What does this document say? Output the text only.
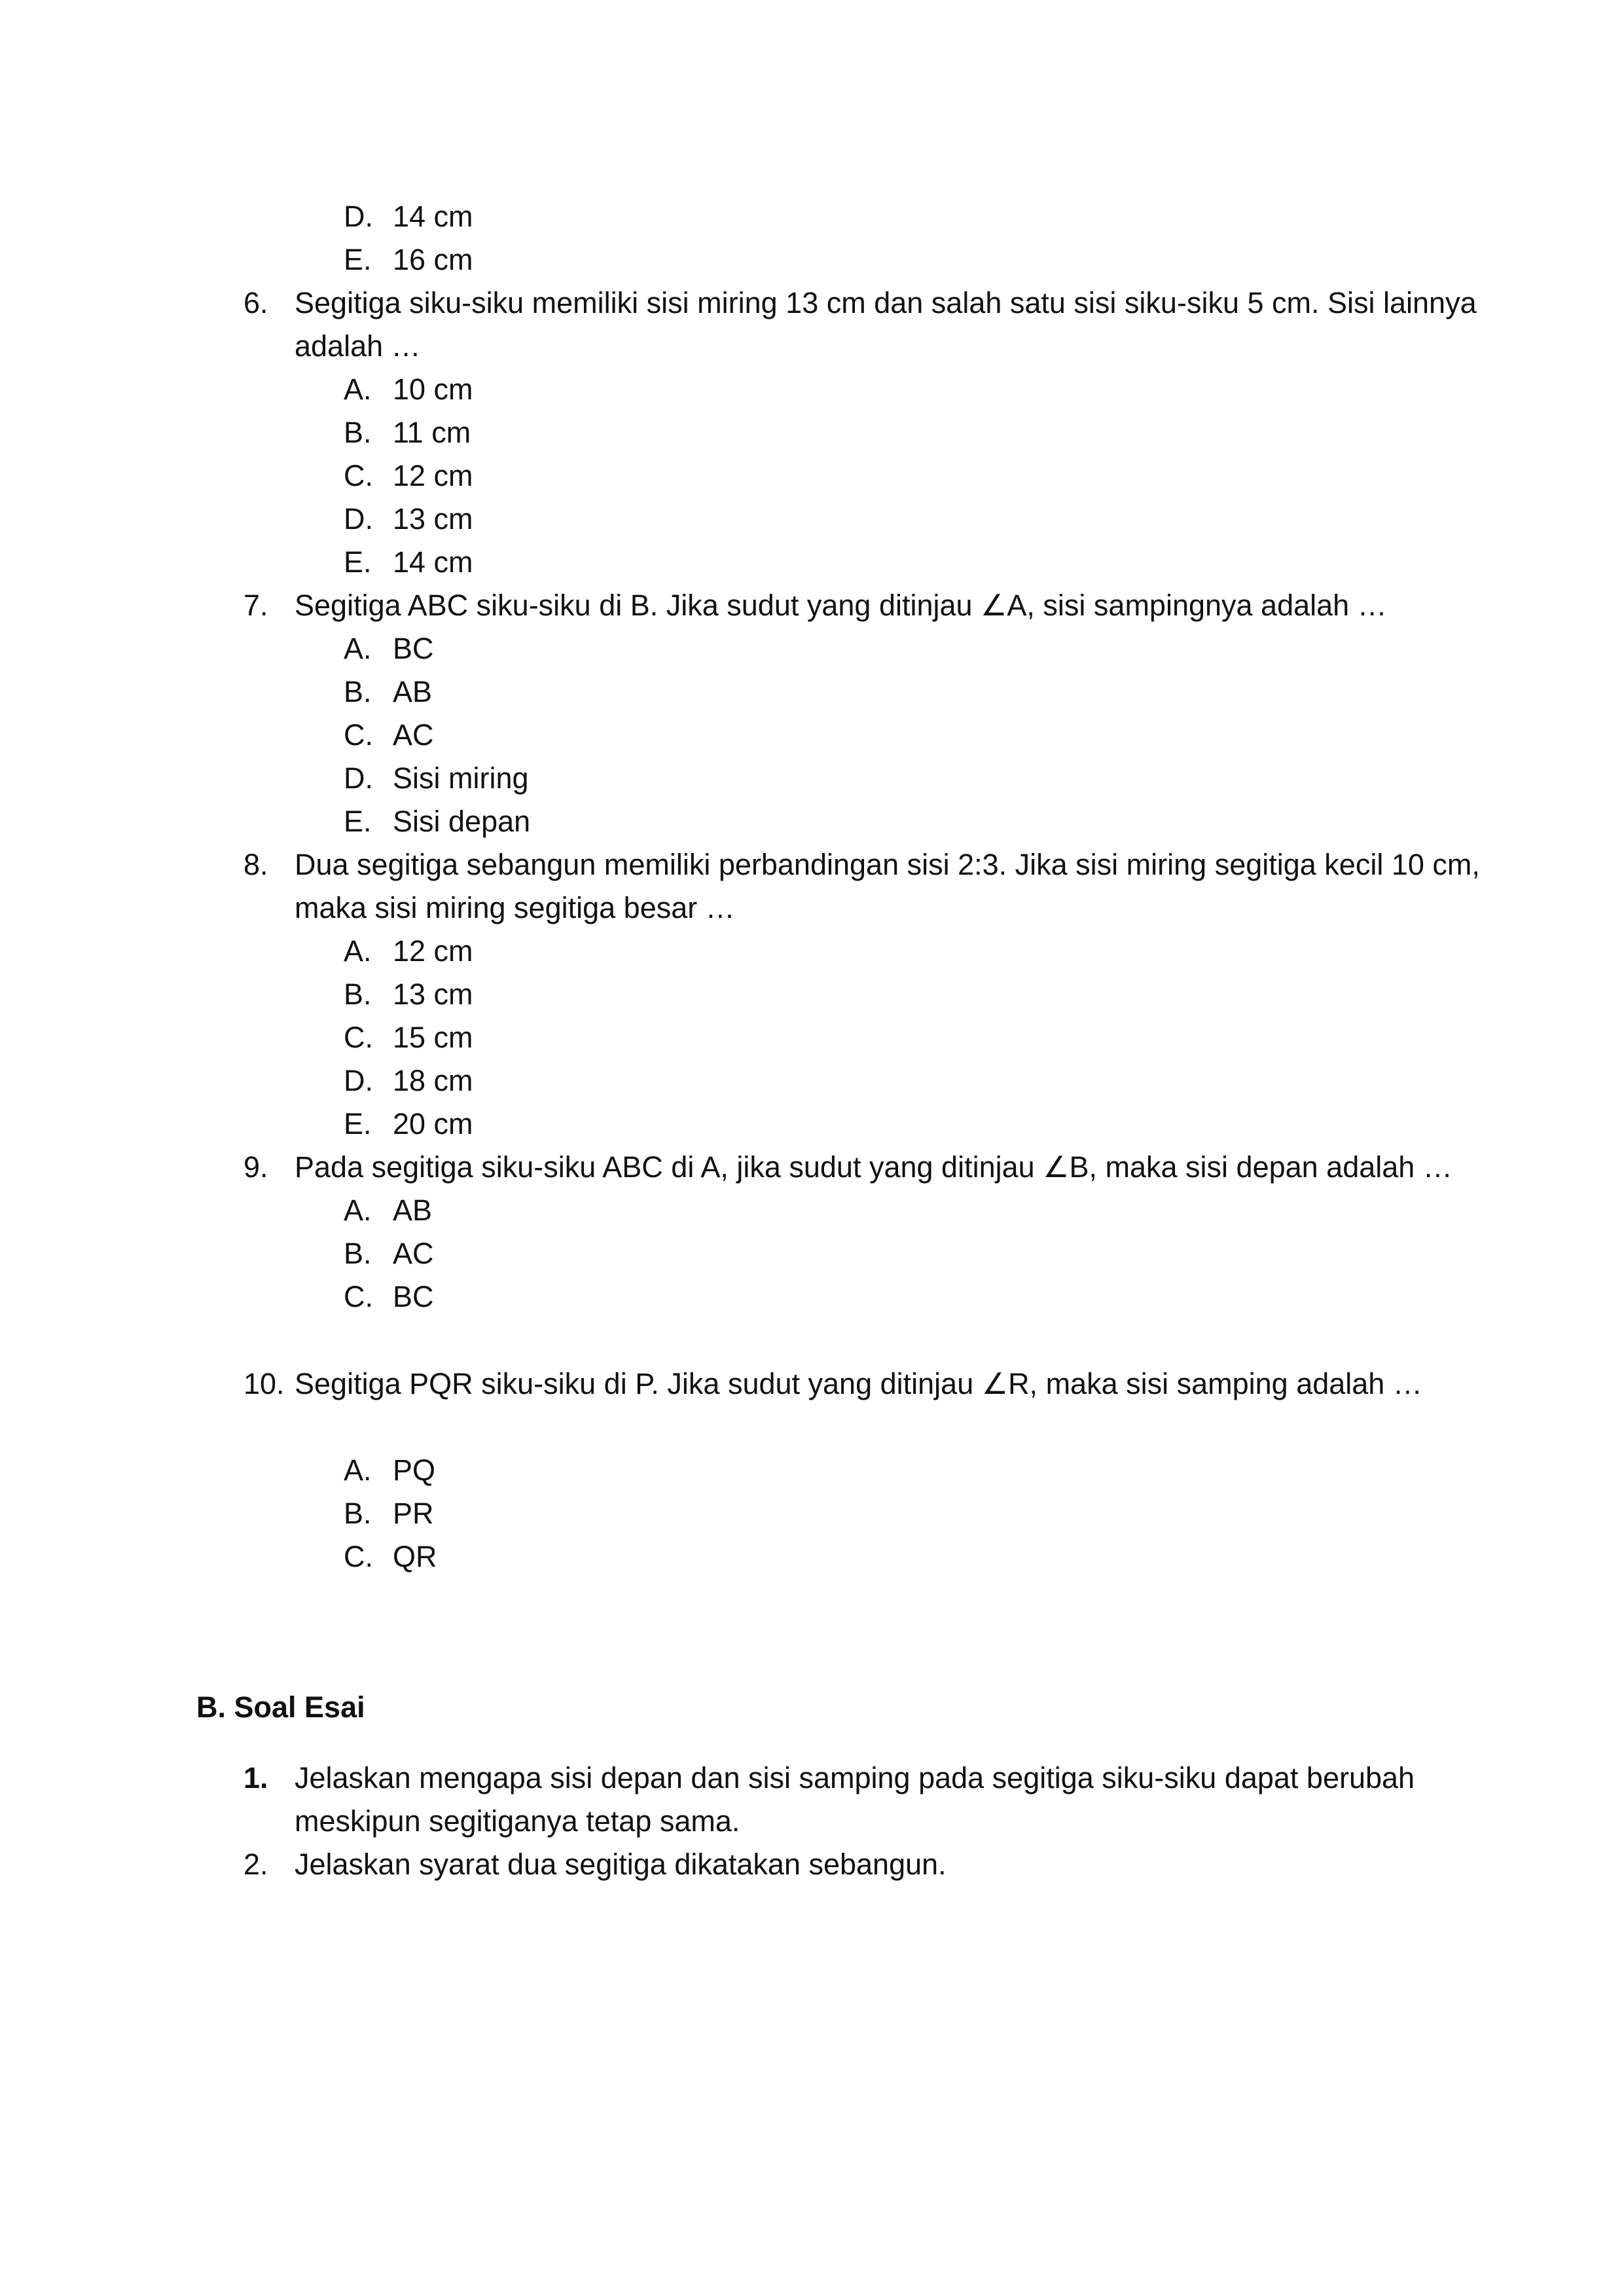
D. 14 cm
E. 16 cm
6. Segitiga siku-siku memiliki sisi miring 13 cm dan salah satu sisi siku-siku 5 cm. Sisi lainnya
adalah …
A. 10 cm
B. 11 cm
C. 12 cm
D. 13 cm
E. 14 cm
7. Segitiga ABC siku-siku di B. Jika sudut yang ditinjau ∠A, sisi sampingnya adalah …
A. BC
B. AB
C. AC
D. Sisi miring
E. Sisi depan
8. Dua segitiga sebangun memiliki perbandingan sisi 2:3. Jika sisi miring segitiga kecil 10 cm,
maka sisi miring segitiga besar …
A. 12 cm
B. 13 cm
C. 15 cm
D. 18 cm
E. 20 cm
9. Pada segitiga siku-siku ABC di A, jika sudut yang ditinjau ∠B, maka sisi depan adalah …
A. AB
B. AC
C. BC
10. Segitiga PQR siku-siku di P. Jika sudut yang ditinjau ∠R, maka sisi samping adalah …
A. PQ
B. PR
C. QR
B. Soal Esai
1. Jelaskan mengapa sisi depan dan sisi samping pada segitiga siku-siku dapat berubah
meskipun segitiganya tetap sama.
2. Jelaskan syarat dua segitiga dikatakan sebangun.
